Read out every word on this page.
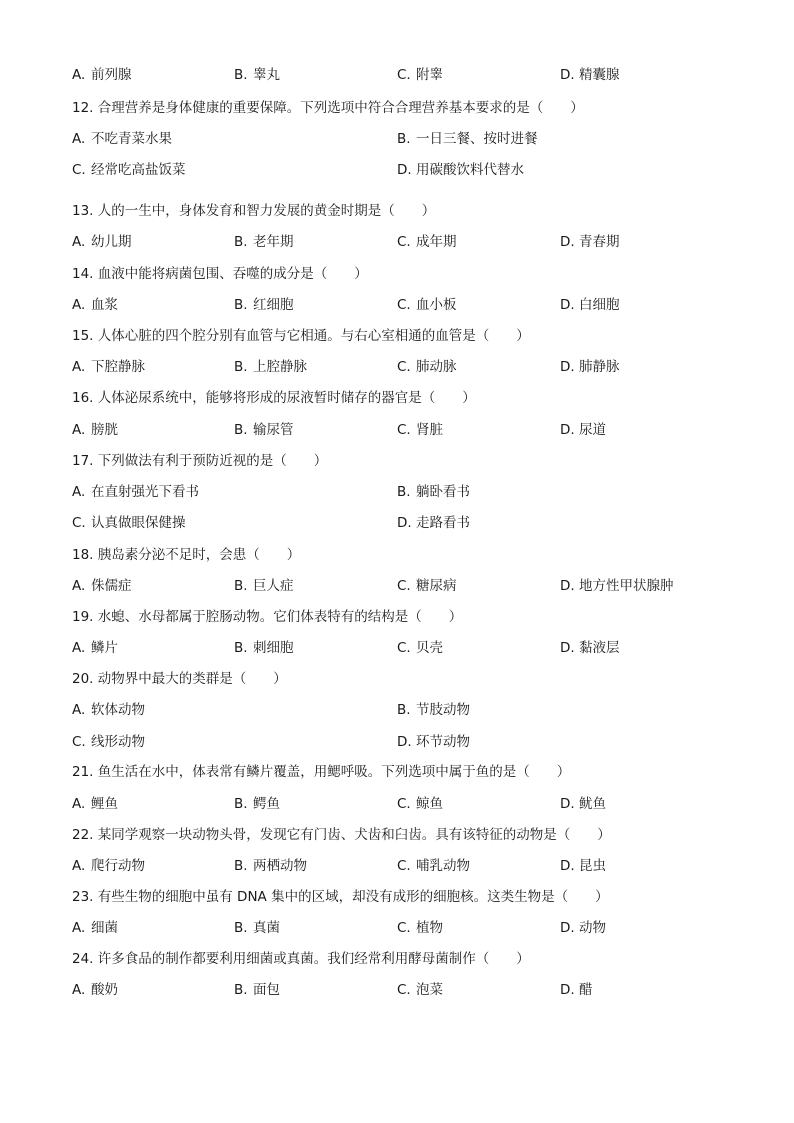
A. 前列腺	B. 睾丸	C. 附睾	D. 精囊腺
12. 合理营养是身体健康的重要保障。下列选项中符合合理营养基本要求的是（　　）
A. 不吃青菜水果	B. 一日三餐、按时进餐
C. 经常吃高盐饭菜	D. 用碳酸饮料代替水
13. 人的一生中，身体发育和智力发展的黄金时期是（　　）
A. 幼儿期	B. 老年期	C. 成年期	D. 青春期
14. 血液中能将病菌包围、吞噬的成分是（　　）
A. 血浆	B. 红细胞	C. 血小板	D. 白细胞
15. 人体心脏的四个腔分别有血管与它相通。与右心室相通的血管是（　　）
A. 下腔静脉	B. 上腔静脉	C. 肺动脉	D. 肺静脉
16. 人体泌尿系统中，能够将形成的尿液暂时储存的器官是（　　）
A. 膀胱	B. 输尿管	C. 肾脏	D. 尿道
17. 下列做法有利于预防近视的是（　　）
A. 在直射强光下看书	B. 躺卧看书
C. 认真做眼保健操	D. 走路看书
18. 胰岛素分泌不足时，会患（　　）
A. 侏儒症	B. 巨人症	C. 糖尿病	D. 地方性甲状腺肿
19. 水螅、水母都属于腔肠动物。它们体表特有的结构是（　　）
A. 鳞片	B. 刺细胞	C. 贝壳	D. 黏液层
20. 动物界中最大的类群是（　　）
A. 软体动物	B. 节肢动物
C. 线形动物	D. 环节动物
21. 鱼生活在水中，体表常有鳞片覆盖，用鳃呼吸。下列选项中属于鱼的是（　　）
A. 鲤鱼	B. 鳄鱼	C. 鲸鱼	D. 鱿鱼
22. 某同学观察一块动物头骨，发现它有门齿、犬齿和臼齿。具有该特征的动物是（　　）
A. 爬行动物	B. 两栖动物	C. 哺乳动物	D. 昆虫
23. 有些生物的细胞中虽有 DNA 集中的区域，却没有成形的细胞核。这类生物是（　　）
A. 细菌	B. 真菌	C. 植物	D. 动物
24. 许多食品的制作都要利用细菌或真菌。我们经常利用酵母菌制作（　　）
A. 酸奶	B. 面包	C. 泡菜	D. 醋
